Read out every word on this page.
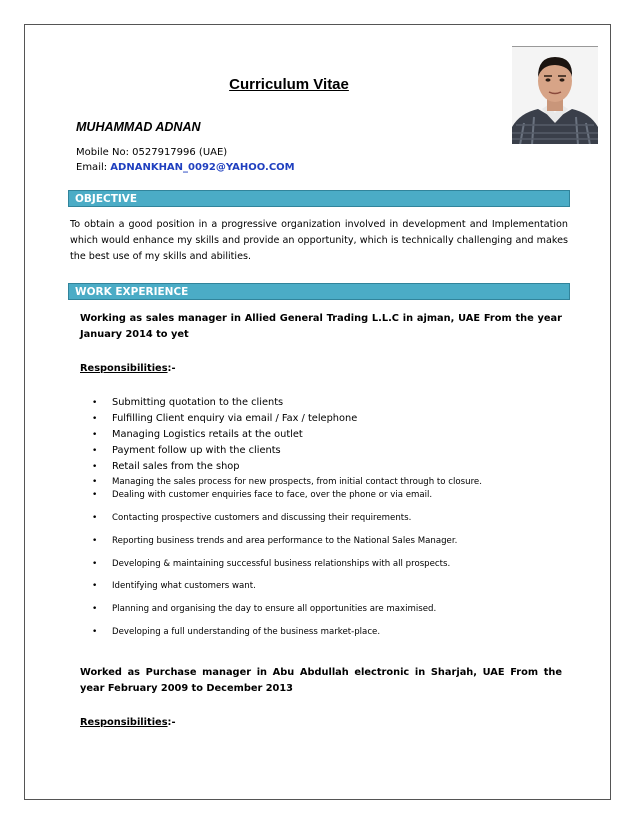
Curriculum Vitae
MUHAMMAD ADNAN
Mobile No: 0527917996 (UAE)
Email: ADNANKHAN_0092@YAHOO.COM
OBJECTIVE
To obtain a good position in a progressive organization involved in development and Implementation which would enhance my skills and provide an opportunity, which is technically challenging and makes the best use of my skills and abilities.
WORK EXPERIENCE
Working as sales manager in Allied General Trading L.L.C in ajman, UAE From the year January 2014 to yet
Responsibilities:-
• Submitting quotation to the clients
• Fulfilling Client enquiry via email / Fax / telephone
• Managing Logistics retails at the outlet
• Payment follow up with the clients
• Retail sales from the shop
• Managing the sales process for new prospects, from initial contact through to closure.
• Dealing with customer enquiries face to face, over the phone or via email.
• Contacting prospective customers and discussing their requirements.
• Reporting business trends and area performance to the National Sales Manager.
• Developing & maintaining successful business relationships with all prospects.
• Identifying what customers want.
• Planning and organising the day to ensure all opportunities are maximised.
• Developing a full understanding of the business market-place.
Worked as Purchase manager in Abu Abdullah electronic in Sharjah, UAE From the year February 2009 to December 2013
Responsibilities:-
